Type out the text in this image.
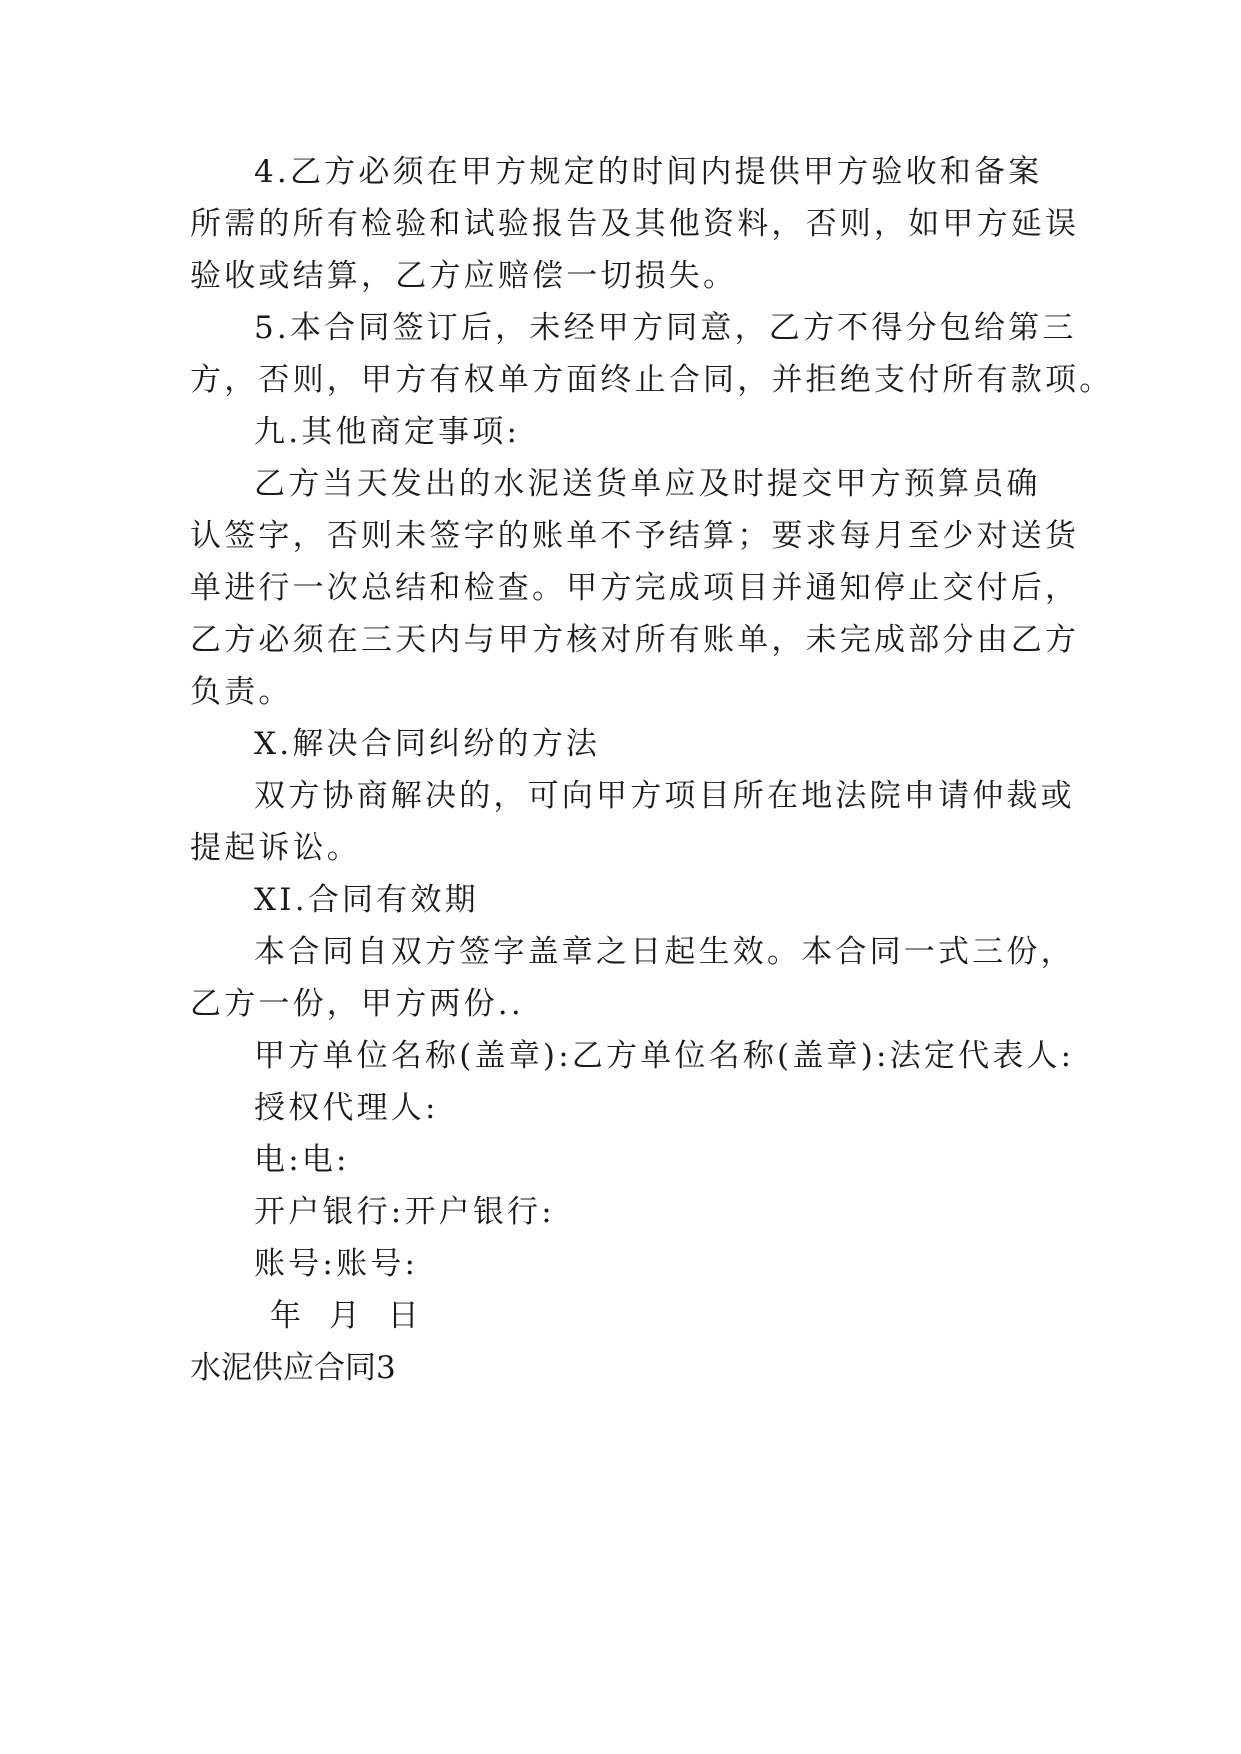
4.乙方必须在甲方规定的时间内提供甲方验收和备案
所需的所有检验和试验报告及其他资料，否则，如甲方延误
验收或结算，乙方应赔偿一切损失。
5.本合同签订后，未经甲方同意，乙方不得分包给第三
方，否则，甲方有权单方面终止合同，并拒绝支付所有款项。
九.其他商定事项:
乙方当天发出的水泥送货单应及时提交甲方预算员确
认签字，否则未签字的账单不予结算；要求每月至少对送货
单进行一次总结和检查。甲方完成项目并通知停止交付后，
乙方必须在三天内与甲方核对所有账单，未完成部分由乙方
负责。
X.解决合同纠纷的方法
双方协商解决的，可向甲方项目所在地法院申请仲裁或
提起诉讼。
XI.合同有效期
本合同自双方签字盖章之日起生效。本合同一式三份，
乙方一份，甲方两份..
甲方单位名称(盖章):乙方单位名称(盖章):法定代表人:
授权代理人:
电:电:
开户银行:开户银行:
账号:账号:
年 月 日
水泥供应合同3
